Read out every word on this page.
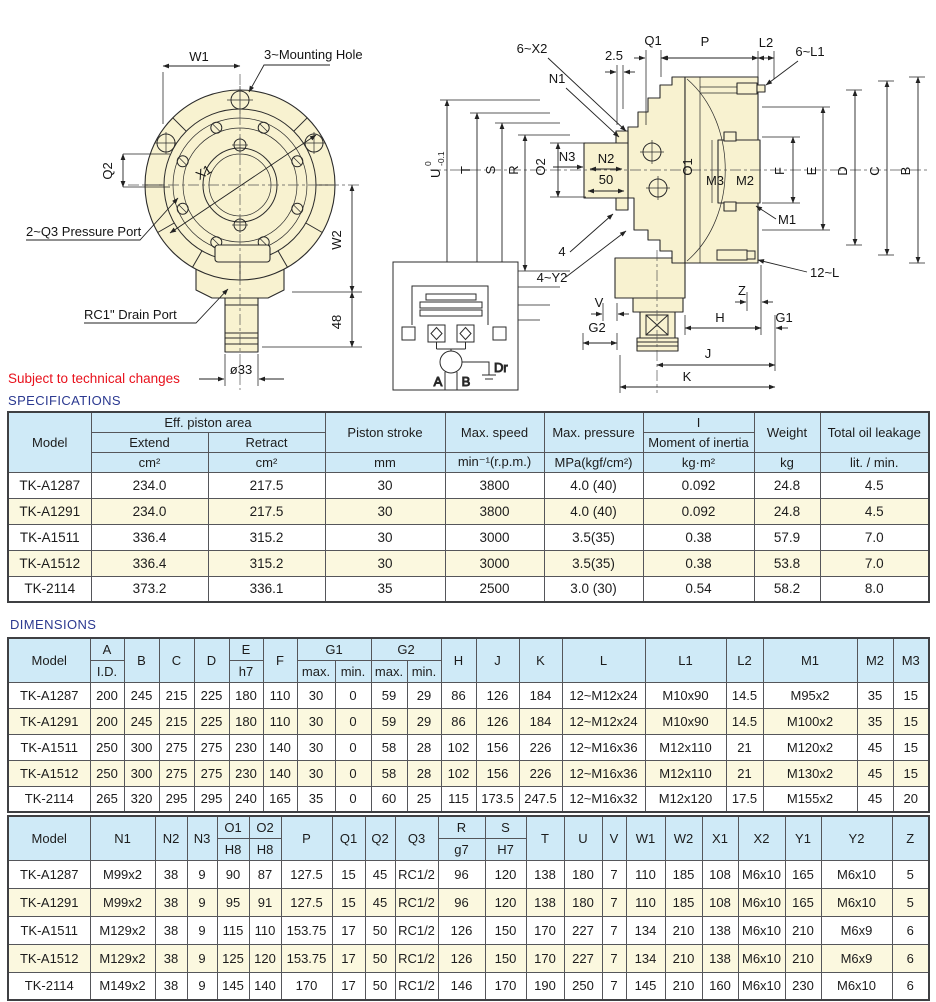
W1	3~Mounting Hole
Q2	X1
2~Q3 Pressure Port	W2
48
ø33
RC1" Drain Port
6~X2
N1
2.5
Q1	P	L2
6~L1
U
0 -0.1
T S R O2
N3 N2
50
O1
M3 M2
M1
F E D C B
12~L
4
4~Y2
V
G2
Z
H	G1
J
K
A B
Dr
Subject to technical changes
SPECIFICATIONS
Model	Eff. piston area		Piston stroke	Max. speed	Max. pressure	I	Weight	Total oil leakage
	Extend	Retract				Moment of inertia		
	cm²	cm²	mm	min⁻¹(r.p.m.)	MPa(kgf/cm²)	kg·m²	kg	lit. / min.
TK-A1287	234.0	217.5	30	3800	4.0 (40)	0.092	24.8	4.5
TK-A1291	234.0	217.5	30	3800	4.0 (40)	0.092	24.8	4.5
TK-A1511	336.4	315.2	30	3000	3.5(35)	0.38	57.9	7.0
TK-A1512	336.4	315.2	30	3000	3.5(35)	0.38	53.8	7.0
TK-2114	373.2	336.1	35	2500	3.0 (30)	0.54	58.2	8.0
DIMENSIONS
Model	A	B	C	D	E	F	G1		G2		H	J	K	L	L1	L2	M1	M2	M3
	I.D.				h7		max.	min.	max.	min.									
TK-A1287	200	245	215	225	180	110	30	0	59	29	86	126	184	12~M12x24	M10x90	14.5	M95x2	35	15
TK-A1291	200	245	215	225	180	110	30	0	59	29	86	126	184	12~M12x24	M10x90	14.5	M100x2	35	15
TK-A1511	250	300	275	275	230	140	30	0	58	28	102	156	226	12~M16x36	M12x110	21	M120x2	45	15
TK-A1512	250	300	275	275	230	140	30	0	58	28	102	156	226	12~M16x36	M12x110	21	M130x2	45	15
TK-2114	265	320	295	295	240	165	35	0	60	25	115	173.5	247.5	12~M16x32	M12x120	17.5	M155x2	45	20
Model	N1	N2	N3	O1	O2	P	Q1	Q2	Q3	R	S	T	U	V	W1	W2	X1	X2	Y1	Y2	Z
				H8	H8					g7	H7										
TK-A1287	M99x2	38	9	90	87	127.5	15	45	RC1/2	96	120	138	180	7	110	185	108	M6x10	165	M6x10	5
TK-A1291	M99x2	38	9	95	91	127.5	15	45	RC1/2	96	120	138	180	7	110	185	108	M6x10	165	M6x10	5
TK-A1511	M129x2	38	9	115	110	153.75	17	50	RC1/2	126	150	170	227	7	134	210	138	M6x10	210	M6x9	6
TK-A1512	M129x2	38	9	125	120	153.75	17	50	RC1/2	126	150	170	227	7	134	210	138	M6x10	210	M6x9	6
TK-2114	M149x2	38	9	145	140	170	17	50	RC1/2	146	170	190	250	7	145	210	160	M6x10	230	M6x10	6
